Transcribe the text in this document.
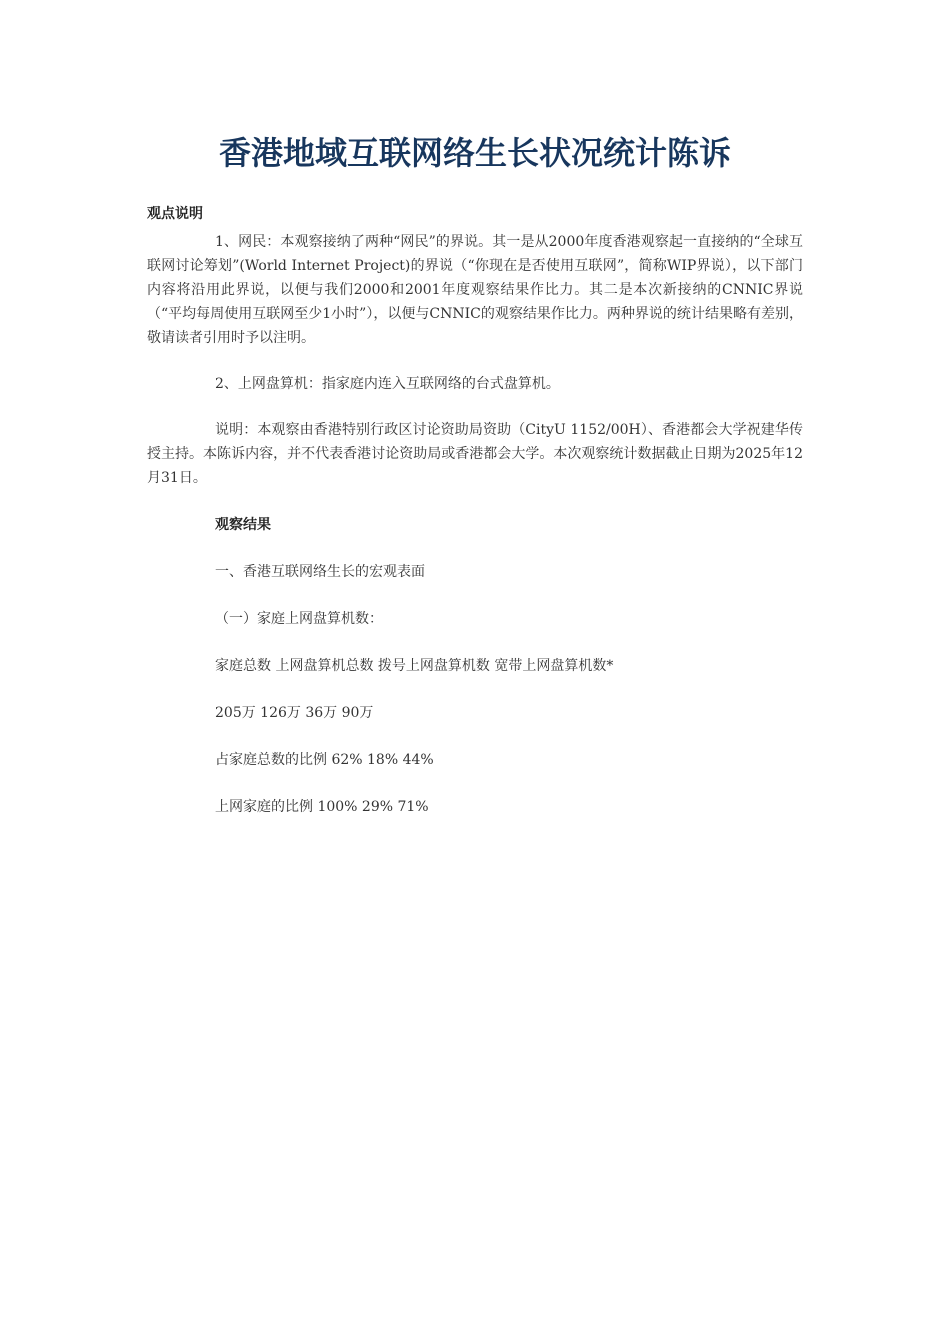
香港地域互联网络生长状况统计陈诉

观点说明

1、网民：本观察接纳了两种“网民”的界说。其一是从2000年度香港观察起一直接纳的“全球互联网讨论筹划”(World Internet Project)的界说（“你现在是否使用互联网”，简称WIP界说），以下部门内容将沿用此界说，以便与我们2000和2001年度观察结果作比力。其二是本次新接纳的CNNIC界说（“平均每周使用互联网至少1小时”），以便与CNNIC的观察结果作比力。两种界说的统计结果略有差别，敬请读者引用时予以注明。

2、上网盘算机：指家庭内连入互联网络的台式盘算机。

说明：本观察由香港特别行政区讨论资助局资助（CityU 1152/00H）、香港都会大学祝建华传授主持。本陈诉内容，并不代表香港讨论资助局或香港都会大学。本次观察统计数据截止日期为2025年12月31日。

观察结果

一、香港互联网络生长的宏观表面

（一）家庭上网盘算机数：

家庭总数 上网盘算机总数 拨号上网盘算机数 宽带上网盘算机数*

205万 126万 36万 90万

占家庭总数的比例 62% 18% 44%

上网家庭的比例 100% 29% 71%
